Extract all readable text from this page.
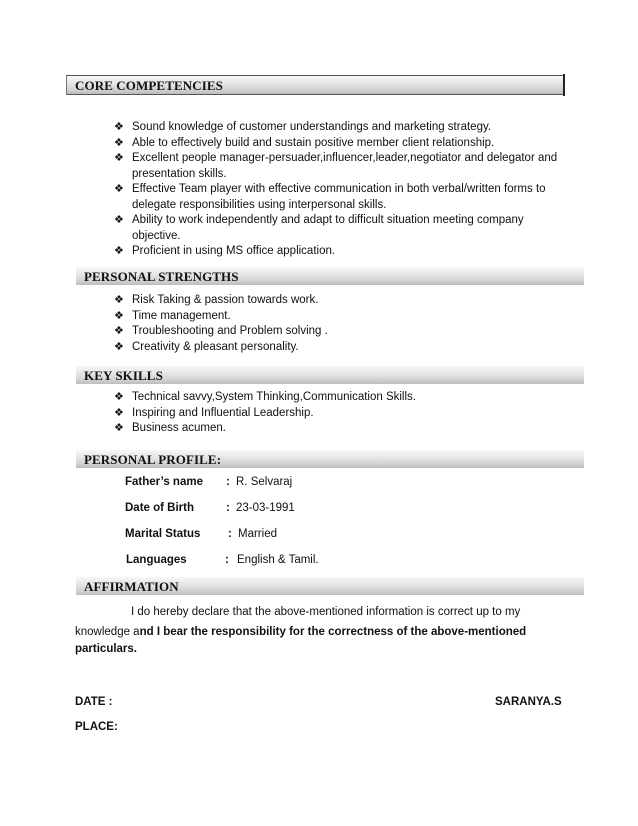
CORE COMPETENCIES
❖ Sound knowledge of customer understandings and marketing strategy.
❖ Able to effectively build and sustain positive member client relationship.
❖ Excellent people manager-persuader,influencer,leader,negotiator and delegator and
presentation skills.
❖ Effective Team player with effective communication in both verbal/written forms to
delegate responsibilities using interpersonal skills.
❖ Ability to work independently and adapt to difficult situation meeting company
objective.
❖ Proficient in using MS office application.
PERSONAL STRENGTHS
❖ Risk Taking & passion towards work.
❖ Time management.
❖ Troubleshooting and Problem solving .
❖ Creativity & pleasant personality.
KEY SKILLS
❖ Technical savvy,System Thinking,Communication Skills.
❖ Inspiring and Influential Leadership.
❖ Business acumen.
PERSONAL PROFILE:
Father’s name : R. Selvaraj
Date of Birth	: 23-03-1991
Marital Status : Married
Languages	: English & Tamil.
AFFIRMATION
I do hereby declare that the above-mentioned information is correct up to my
knowledge and I bear the responsibility for the correctness of the above-mentioned
particulars.
DATE :	SARANYA.S
PLACE:
